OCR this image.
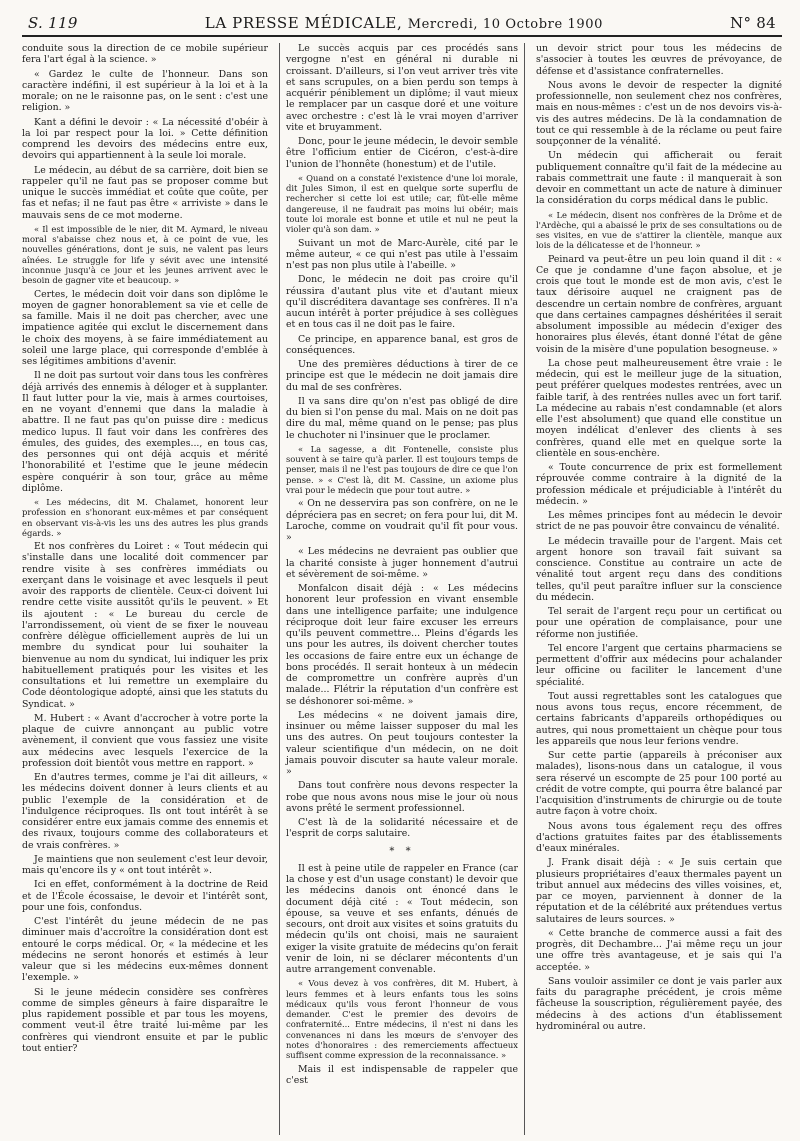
S. 119	LA PRESSE MÉDICALE, Mercredi, 10 Octobre 1900	N° 84

conduite sous la direction de ce mobile supérieur fera l'art égal à la science. »

« Gardez le culte de l'honneur. Dans son caractère indéfini, il est supérieur à la loi et à la morale; on ne le raisonne pas, on le sent : c'est une religion. »

Kant a défini le devoir : « La nécessité d'obéir à la loi par respect pour la loi. » Cette définition comprend les devoirs des médecins entre eux, devoirs qui appartiennent à la seule loi morale.

Le médecin, au début de sa carrière, doit bien se rappeler qu'il ne faut pas se proposer comme but unique le succès immédiat et coûte que coûte, per fas et nefas; il ne faut pas être « arriviste » dans le mauvais sens de ce mot moderne.

« Il est impossible de le nier, dit M. Aymard, le niveau moral s'abaisse chez nous et, à ce point de vue, les nouvelles générations, dont je suis, ne valent pas leurs aînées. Le struggle for life y sévit avec une intensité inconnue jusqu'à ce jour et les jeunes arrivent avec le besoin de gagner vite et beaucoup. »

Certes, le médecin doit voir dans son diplôme le moyen de gagner honorablement sa vie et celle de sa famille. Mais il ne doit pas chercher, avec une impatience agitée qui exclut le discernement dans le choix des moyens, à se faire immédiatement au soleil une large place, qui corresponde d'emblée à ses légitimes ambitions d'avenir.

Il ne doit pas surtout voir dans tous les confrères déjà arrivés des ennemis à déloger et à supplanter. Il faut lutter pour la vie, mais à armes courtoises, en ne voyant d'ennemi que dans la maladie à abattre. Il ne faut pas qu'on puisse dire : medicus medico lupus. Il faut voir dans les confrères des émules, des guides, des exemples..., en tous cas, des personnes qui ont déjà acquis et mérité l'honorabilité et l'estime que le jeune médecin espère conquérir à son tour, grâce au même diplôme.

« Les médecins, dit M. Chalamet, honorent leur profession en s'honorant eux-mêmes et par conséquent en observant vis-à-vis les uns des autres les plus grands égards. »

Et nos confrères du Loiret : « Tout médecin qui s'installe dans une localité doit commencer par rendre visite à ses confrères immédiats ou exerçant dans le voisinage et avec lesquels il peut avoir des rapports de clientèle. Ceux-ci doivent lui rendre cette visite aussitôt qu'ils le peuvent. » Et ils ajoutent : « Le bureau du cercle de l'arrondissement, où vient de se fixer le nouveau confrère délègue officiellement auprès de lui un membre du syndicat pour lui souhaiter la bienvenue au nom du syndicat, lui indiquer les prix habituellement pratiqués pour les visites et les consultations et lui remettre un exemplaire du Code déontologique adopté, ainsi que les statuts du Syndicat. »

M. Hubert : « Avant d'accrocher à votre porte la plaque de cuivre annonçant au public votre avènement, il convient que vous fassiez une visite aux médecins avec lesquels l'exercice de la profession doit bientôt vous mettre en rapport. »

En d'autres termes, comme je l'ai dit ailleurs, « les médecins doivent donner à leurs clients et au public l'exemple de la considération et de l'indulgence réciproques. Ils ont tout intérêt à se considérer entre eux jamais comme des ennemis et des rivaux, toujours comme des collaborateurs et de vrais confrères. »

Je maintiens que non seulement c'est leur devoir, mais qu'encore ils y « ont tout intérêt ».

Ici en effet, conformément à la doctrine de Reid et de l'École écossaise, le devoir et l'intérêt sont, pour une fois, confondus.

C'est l'intérêt du jeune médecin de ne pas diminuer mais d'accroître la considération dont est entouré le corps médical. Or, « la médecine et les médecins ne seront honorés et estimés à leur valeur que si les médecins eux-mêmes donnent l'exemple. »

Si le jeune médecin considère ses confrères comme de simples gêneurs à faire disparaître le plus rapidement possible et par tous les moyens, comment veut-il être traité lui-même par les confrères qui viendront ensuite et par le public tout entier?

Le succès acquis par ces procédés sans vergogne n'est en général ni durable ni croissant. D'ailleurs, si l'on veut arriver très vite et sans scrupules, on a bien perdu son temps à acquérir péniblement un diplôme; il vaut mieux le remplacer par un casque doré et une voiture avec orchestre : c'est là le vrai moyen d'arriver vite et bruyamment.

Donc, pour le jeune médecin, le devoir semble être l'officium entier de Cicéron, c'est-à-dire l'union de l'honnête (honestum) et de l'utile.

« Quand on a constaté l'existence d'une loi morale, dit Jules Simon, il est en quelque sorte superflu de rechercher si cette loi est utile; car, fût-elle même dangereuse, il ne faudrait pas moins lui obéir; mais toute loi morale est bonne et utile et nul ne peut la violer qu'à son dam. »

Suivant un mot de Marc-Aurèle, cité par le même auteur, « ce qui n'est pas utile à l'essaim n'est pas non plus utile à l'abeille. »

Donc, le médecin ne doit pas croire qu'il réussira d'autant plus vite et d'autant mieux qu'il discréditera davantage ses confrères. Il n'a aucun intérêt à porter préjudice à ses collègues et en tous cas il ne doit pas le faire.

Ce principe, en apparence banal, est gros de conséquences.

Une des premières déductions à tirer de ce principe est que le médecin ne doit jamais dire du mal de ses confrères.

Il va sans dire qu'on n'est pas obligé de dire du bien si l'on pense du mal. Mais on ne doit pas dire du mal, même quand on le pense; pas plus le chuchoter ni l'insinuer que le proclamer.

« La sagesse, a dit Fontenelle, consiste plus souvent à se taire qu'à parler. Il est toujours temps de penser, mais il ne l'est pas toujours de dire ce que l'on pense. » « C'est là, dit M. Cassine, un axiome plus vrai pour le médecin que pour tout autre. »

« On ne desservira pas son confrère, on ne le dépréciera pas en secret; on fera pour lui, dit M. Laroche, comme on voudrait qu'il fît pour vous. »

« Les médecins ne devraient pas oublier que la charité consiste à juger honnement d'autrui et sévèrement de soi-même. »

Monfalcon disait déjà : « Les médecins honorent leur profession en vivant ensemble dans une intelligence parfaite; une indulgence réciproque doit leur faire excuser les erreurs qu'ils peuvent commettre... Pleins d'égards les uns pour les autres, ils doivent chercher toutes les occasions de faire entre eux un échange de bons procédés. Il serait honteux à un médecin de compromettre un confrère auprès d'un malade... Flétrir la réputation d'un confrère est se déshonorer soi-même. »

Les médecins « ne doivent jamais dire, insinuer ou même laisser supposer du mal les uns des autres. On peut toujours contester la valeur scientifique d'un médecin, on ne doit jamais pouvoir discuter sa haute valeur morale. »

Dans tout confrère nous devons respecter la robe que nous avons nous mise le jour où nous avons prêté le serment professionnel.

C'est là de la solidarité nécessaire et de l'esprit de corps salutaire.

* *

Il est à peine utile de rappeler en France (car la chose y est d'un usage constant) le devoir que les médecins danois ont énoncé dans le document déjà cité : « Tout médecin, son épouse, sa veuve et ses enfants, dénués de secours, ont droit aux visites et soins gratuits du médecin qu'ils ont choisi, mais ne sauraient exiger la visite gratuite de médecins qu'on ferait venir de loin, ni se déclarer mécontents d'un autre arrangement convenable.

« Vous devez à vos confrères, dit M. Hubert, à leurs femmes et à leurs enfants tous les soins médicaux qu'ils vous feront l'honneur de vous demander. C'est le premier des devoirs de confraternité... Entre médecins, il n'est ni dans les convenances ni dans les mœurs de s'envoyer des notes d'honoraires : des remerciements affectueux suffisent comme expression de la reconnaissance. »

Mais il est indispensable de rappeler que c'est

un devoir strict pour tous les médecins de s'associer à toutes les œuvres de prévoyance, de défense et d'assistance confraternelles.

Nous avons le devoir de respecter la dignité professionnelle, non seulement chez nos confrères, mais en nous-mêmes : c'est un de nos devoirs vis-à-vis des autres médecins. De là la condamnation de tout ce qui ressemble à de la réclame ou peut faire soupçonner de la vénalité.

Un médecin qui afficherait ou ferait publiquement connaître qu'il fait de la médecine au rabais commettrait une faute : il manquerait à son devoir en commettant un acte de nature à diminuer la considération du corps médical dans le public.

« Le médecin, disent nos confrères de la Drôme et de l'Ardèche, qui a abaissé le prix de ses consultations ou de ses visites, en vue de s'attirer la clientèle, manque aux lois de la délicatesse et de l'honneur. »

Peinard va peut-être un peu loin quand il dit : « Ce que je condamne d'une façon absolue, et je crois que tout le monde est de mon avis, c'est le taux dérisoire auquel ne craignent pas de descendre un certain nombre de confrères, arguant que dans certaines campagnes déshéritées il serait absolument impossible au médecin d'exiger des honoraires plus élevés, étant donné l'état de gêne voisin de la misère d'une population besogneuse. »

La chose peut malheureusement être vraie : le médecin, qui est le meilleur juge de la situation, peut préférer quelques modestes rentrées, avec un faible tarif, à des rentrées nulles avec un fort tarif. La médecine au rabais n'est condamnable (et alors elle l'est absolument) que quand elle constitue un moyen indélicat d'enlever des clients à ses confrères, quand elle met en quelque sorte la clientèle en sous-enchère.

« Toute concurrence de prix est formellement réprouvée comme contraire à la dignité de la profession médicale et préjudiciable à l'intérêt du médecin. »

Les mêmes principes font au médecin le devoir strict de ne pas pouvoir être convaincu de vénalité.

Le médecin travaille pour de l'argent. Mais cet argent honore son travail fait suivant sa conscience. Constitue au contraire un acte de vénalité tout argent reçu dans des conditions telles, qu'il peut paraître influer sur la conscience du médecin.

Tel serait de l'argent reçu pour un certificat ou pour une opération de complaisance, pour une réforme non justifiée.

Tel encore l'argent que certains pharmaciens se permettent d'offrir aux médecins pour achalander leur officine ou faciliter le lancement d'une spécialité.

Tout aussi regrettables sont les catalogues que nous avons tous reçus, encore récemment, de certains fabricants d'appareils orthopédiques ou autres, qui nous promettaient un chèque pour tous les appareils que nous leur ferions vendre.

Sur cette partie (appareils à préconiser aux malades), lisons-nous dans un catalogue, il vous sera réservé un escompte de 25 pour 100 porté au crédit de votre compte, qui pourra être balancé par l'acquisition d'instruments de chirurgie ou de toute autre façon à votre choix.

Nous avons tous également reçu des offres d'actions gratuites faites par des établissements d'eaux minérales.

J. Frank disait déjà : « Je suis certain que plusieurs propriétaires d'eaux thermales payent un tribut annuel aux médecins des villes voisines, et, par ce moyen, parviennent à donner de la réputation et de la célébrité aux prétendues vertus salutaires de leurs sources. »

« Cette branche de commerce aussi a fait des progrès, dit Dechambre... J'ai même reçu un jour une offre très avantageuse, et je sais qui l'a acceptée. »

Sans vouloir assimiler ce dont je vais parler aux faits du paragraphe précédent, je crois même fâcheuse la souscription, régulièrement payée, des médecins à des actions d'un établissement hydrominéral ou autre.
